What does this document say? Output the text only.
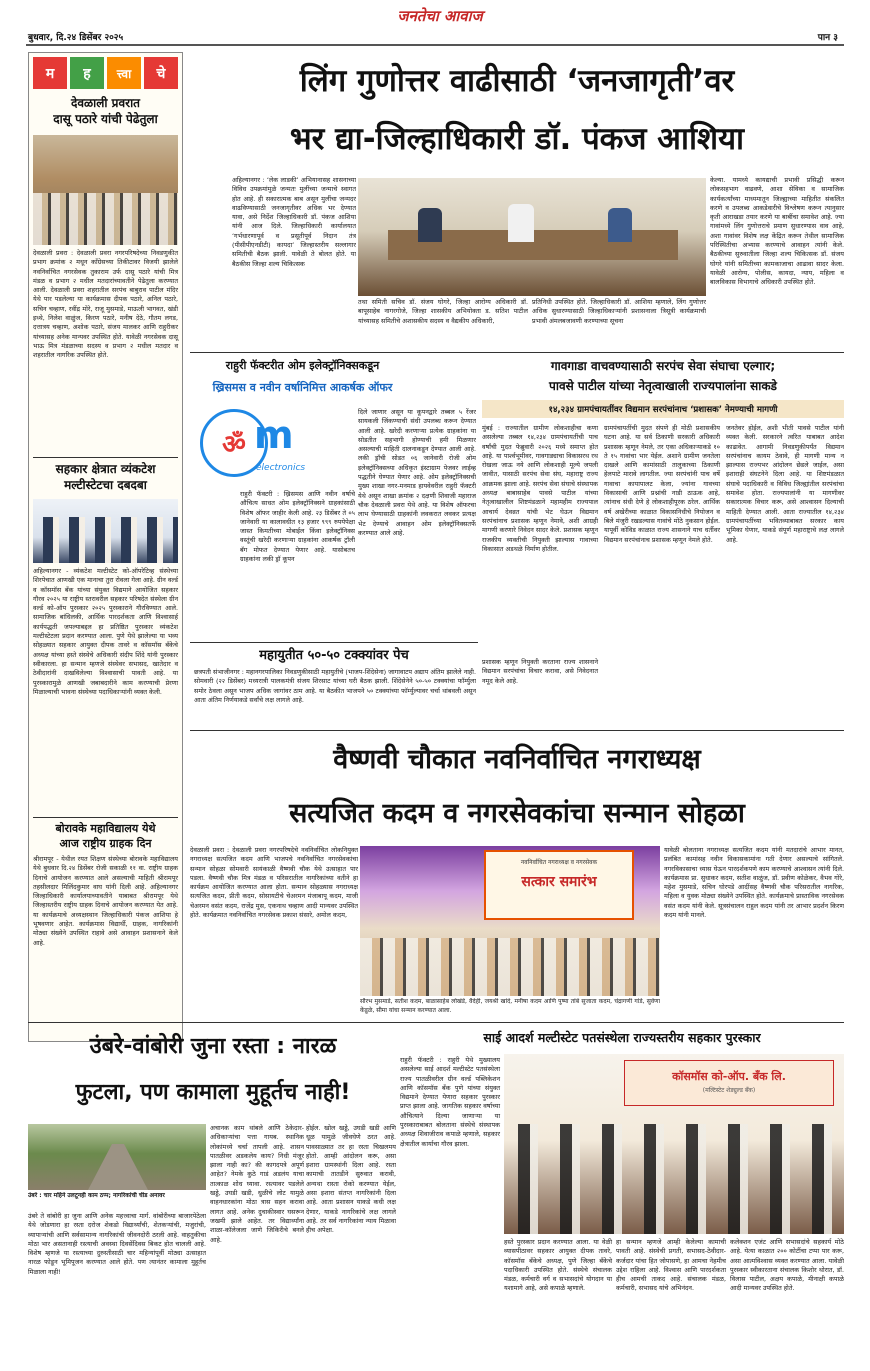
बुधवार, दि.२४ डिसेंबर २०२५
जनतेचा आवाज
पान ३
म ह त्त्वा चे
देवळाली प्रवरात
दासू पठारे यांची पेढेतुला
देवळाली प्रवरा : देवळाली प्रवरा नगरपरिषदेच्या निवडणुकीत प्रभाग क्रमांक २ मधून काँग्रेसच्या तिकीटावर विजयी झालेले नवनिर्वाचित नगरसेवक तुकाराम उर्फ दासू पठारे यांची मित्र मंडळ व प्रभाग २ मधील मतदारांच्यावतीने पेढेतुला करण्यात आली. देवळाली प्रवरा शहरातील सरपंच बाबुराव पाटील मंदिर येथे पार पडलेल्या या कार्यक्रमास दीपक पठारे, अनिल पठारे, सचिन चव्हाण, रवींद्र मोरे, राजू मुसमाडे, माऊली भागवत, खंडी इथ्थे, निलेश वाळुंज, किरण पठारे, मनीष देठे, गौतम लगड, दत्तात्रय चव्हाण, अशोक पठारे, संजय मालकर आणि राहुरीकर यांच्यासह अनेक मान्यवर उपस्थित होते. यावेळी नगरसेवक दासू भाऊ मित्र मंडळाच्या सदस्य व प्रभाग २ मधील मतदार व शहरातील नागरिक उपस्थित होते.
सहकार क्षेत्रात व्यंकटेश
मल्टीस्टेटचा दबदबा
अहिल्यानगर - व्यंकटेश मल्टीस्टेट को-ऑपरेटिव्ह संस्थेच्या शिरपेचात आणखी एक मानाचा तुरा रोवला गेला आहे. ग्रीन वर्ल्ड व कॉसमॉस बँक यांच्या संयुक्त विद्यमाने आयोजित सहकार गौरव २०२५ या राष्ट्रीय स्तरावरील सहकार परिषदेत संस्थेला ग्रीन वर्ल्ड को-ऑप पुरस्कार २०२५ पुरस्काराने गौरविण्यात आले. सामाजिक बांधिलकी, आर्थिक पारदर्शकता आणि विश्वासार्ह कार्यपद्धती जपल्याबद्दल हा प्रतिष्ठित पुरस्कार व्यंकटेश मल्टीस्टेटला प्रदान करण्यात आला. पुणे येथे झालेल्या या भव्य सोहळ्यात सहकार आयुक्त दीपक तावरे व कॉसमॉस बँकेचे अध्यक्ष यांच्या हस्ते संस्थेचे अधिकारी संदीप शिंदे यांनी पुरस्कार स्वीकारला. हा सन्मान म्हणजे संस्थेवर सभासद, खातेदार व ठेवीदारांनी दाखविलेल्या विश्वासाची पावती आहे. या पुरस्कारामुळे आणखी जबाबदारीने काम करण्याची प्रेरणा मिळाल्याची भावना संस्थेच्या पदाधिकाऱ्यांनी व्यक्त केली.
बोरावके महाविद्यालय येथे
आज राष्ट्रीय ग्राहक दिन
श्रीरामपूर - येथील रयत शिक्षण संस्थेच्या बोरावके महाविद्यालय येथे बुधवार दि.२४ डिसेंबर रोजी सकाळी ११ वा. राष्ट्रीय ग्राहक दिनाचे आयोजन करण्यात आले असल्याची माहिती श्रीरामपूर तहसीलदार मिलिंदकुमार वाघ यांनी दिली आहे. अहिल्यानगर जिल्हाधिकारी कार्यालयाच्यावतीने याबाबत श्रीरामपूर येथे जिल्हास्तरीय राष्ट्रीय ग्राहक दिनाचे आयोजन करण्यात येत आहे. या कार्यक्रमाचे अध्यक्षस्थान जिल्हाधिकारी पंकज आशिया हे भूषवणार आहेत. कार्यक्रमास विद्यार्थी, ग्राहक, नागरिकांनी मोठ्या संख्येने उपस्थित राहावे असे आवाहन प्रशासनाने केले आहे.
लिंग गुणोत्तर वाढीसाठी ‘जनजागृती’वर
भर द्या-जिल्हाधिकारी डॉ. पंकज आशिया
अहिल्यानगर : ‘लेक लाडकी’ अभियानासह शासनाच्या विविध उपक्रमांमुळे जन्मतः मुलींच्या जन्माचे स्वागत होत आहे. ही सकारात्मक बाब असून मुलींचा जन्मदर वाढविण्यासाठी जनजागृतीवर अधिक भर देण्यात यावा, असे निर्देश जिल्हाधिकारी डॉ. पंकज आशिया यांनी आज दिले. जिल्हाधिकारी कार्यालयात ‘गर्भधारणापूर्व व प्रसूतीपूर्व निदान तंत्र (पीसीपीएनडीटी) कायदा’ जिल्हास्तरीय सल्लागार समितीची बैठक झाली. यावेळी ते बोलत होते. या बैठकीस जिल्हा शल्य चिकित्सक
केल्या. यामध्ये कायद्याची प्रभावी प्रसिद्धी करून लोकसहभाग वाढवणे, आशा सेविका व सामाजिक कार्यकर्त्यांच्या माध्यमातून जिल्ह्याच्या माहितीत संकलित करणे व उपलब्ध आकडेवारीचे विश्लेषण करून त्यानुसार कृती आराखडा तयार करणे या बाबींचा समावेश आहे. ज्या गावांमध्ये लिंग गुणोत्तराचे प्रमाण सुधारण्यास वाव आहे, अशा गावांवर विशेष लक्ष केंद्रित करून तेथील सामाजिक परिस्थितीचा अभ्यास करण्याचे आवाहन त्यांनी केले. बैठकीच्या सुरुवातीला जिल्हा शल्य चिकित्सक डॉ. संजय घोगरे यांनी समितीच्या कामकाजाचा आढावा सादर केला. यावेळी आरोग्य, पोलीस, कायदा, न्याय, महिला व बालविकास विभागाचे अधिकारी उपस्थित होते.
तथा समिती सचिव डॉ. संजय घोगरे, जिल्हा आरोग्य अधिकारी डॉ. बापूसाहेब नागरगोजे, जिल्हा शासकीय अभियोक्ता ड. सतिश पाटील यांच्यासह समितीचे अशासकीय सदस्य व वैद्यकीय अधिकारी,
प्रतिनिधी उपस्थित होते. जिल्हाधिकारी डॉ. आशिया म्हणाले, लिंग गुणोत्तर अधिक सुधारण्यासाठी जिल्हाधिकाऱ्यांनी प्रशासनाला त्रिसूत्री कार्यक्रमाची प्रभावी अंमलबजावणी करण्याच्या सूचना
राहुरी फॅक्टरीत ओम इलेक्ट्रॉनिक्सकडून
ख्रिसमस व नवीन वर्षानिमित्त आकर्षक ऑफर
ॐ m
electronics
राहुरी फॅक्टरी : ख्रिसमस आणि नवीन वर्षाचे औचित्य साधत ओम इलेक्ट्रॉनिक्सने ग्राहकांसाठी विशेष ऑफर जाहीर केली आहे. २३ डिसेंबर ते ०५ जानेवारी या कालावधीत १३ हजार ९९९ रुपयेपेक्षा जास्त किमतीच्या मोबाईल किंवा इलेक्ट्रॉनिक्स वस्तूंची खरेदी करणाऱ्या ग्राहकांना आकर्षक ट्रॉली बॅग मोफत देण्यात येणार आहे. यासोबतच ग्राहकांना लकी ड्रॉ कूपन
दिले जाणार असून या कूपनद्वारे तब्बल ५ रेंजर सायकली जिंकण्याची संधी उपलब्ध करून देण्यात आली आहे. खरेदी करणाऱ्या प्रत्येक ग्राहकांना या सोडतीत सहभागी होण्याची हमी मिळणार असल्याची माहिती दालनाकडून देण्यात आली आहे. लकी ड्रॉची सोडत ०६ जानेवारी रोजी ओम इलेक्ट्रॉनिक्सच्या अधिकृत इंस्टाग्राम पेजवर लाईव्ह पद्धतीने घेण्यात येणार आहे. ओम इलेक्ट्रॉनिक्सची मुख्य शाखा नगर-मनमाड हायवेवरील राहुरी फॅक्टरी येथे असून शाखा क्रमांक २ दक्षणी शिवाजी महाराज चौक देवळाली प्रवरा येथे आहे. या विशेष ऑफरचा लाभ घेण्यासाठी ग्राहकांनी लवकरात लवकर प्रत्यक्ष भेट देण्याचे आवाहन ओम इलेक्ट्रॉनिक्सतर्फे करण्यात आले आहे.
महायुतीत ५०-५० टक्क्यांवर पेच
छत्रपती संभाजीनगर : महानगरपालिका निवडणुकीसाठी महायुतीचे (भाजप-शिंदेसेना) जागावाटप अद्याप अंतिम झालेले नाही. सोमवारी (२२ डिसेंबर) मध्यरात्री पालकमंत्री संजय शिरसाट यांच्या घरी बैठक झाली. शिंदेसेनेने ५०-५० टक्क्यांचा फॉर्म्युला समोर ठेवला असून भाजप अधिक जागांवर ठाम आहे. या बैठकीत भाजपने ५० टक्क्यांच्या फॉर्म्युल्यावर चर्चा थांबवली असून आता अंतिम निर्णयाकडे सर्वांचे लक्ष लागले आहे.
गावगाडा वाचवण्यासाठी सरपंच सेवा संघाचा एल्गार;
पावसे पाटील यांच्या नेतृत्वाखाली राज्यपालांना साकडे
१४,२३४ ग्रामपंचायतींवर विद्यमान सरपंचांनाच ‘प्रशासक’ नेमण्याची मागणी
मुंबई : राज्यातील ग्रामीण लोकशाहीचा कणा असलेल्या तब्बल १४,२३४ ग्रामपंचायतींची पाच वर्षांची मुदत फेब्रुवारी २०२६ मध्ये समाप्त होत आहे. या पार्श्वभूमीवर, गावगाड्याचा विकासरथ रथ रोखला जाऊ नये आणि लोकशाही मूल्ये जपली जावीत, यासाठी सरपंच सेवा संघ, महाराष्ट्र राज्य आक्रमक झाला आहे. सरपंच सेवा संघाचे संस्थापक अध्यक्ष बाबासाहेब पावसे पाटील यांच्या नेतृत्वाखालील शिष्टमंडळाने महामहीम राज्यपाल आचार्य देवव्रत यांची भेट घेऊन विद्यमान सरपंचांनाच प्रशासक म्हणून नेमावे, अशी आग्रही मागणी करणारे निवेदन सादर केले. प्रशासक म्हणून राजकीय व्यक्तीची नियुक्ती झाल्यास गावाच्या विकासात अडथळे निर्माण होतील.
प्रशासक म्हणून नियुक्ती करताना राज्य शासनाने विद्यमान सरपंचांचा विचार करावा, असे निवेदनात नमूद केले आहे.
ग्रामपंचायतींची मुदत संपणे ही मोठी प्रशासकीय घटना आहे. या सर्व ठिकाणी सरकारी अधिकारी प्रशासक म्हणून नेमले, तर एका अधिकाऱ्याकडे १० ते १५ गावांचा भार येईल. अशाने ग्रामीण जनतेला दाखले आणि कामांसाठी तालुकाच्या ठिकाणी हेलपाटे मारावे लागतील. ज्या सरपंचांनी पाच वर्षे गावाचा कायापालट केला, ज्यांना गावच्या विकासाची आणि प्रश्नांची नाडी ठाऊक आहे, त्यांनाच संधी देणे हे लोकशाहीपूरक ठरेल. आर्थिक वर्ष अखेरीच्या काळात विकासनिधीचे नियोजन व बिले मंजुरी रखडल्यास गावांचे मोठे नुकसान होईल. यापूर्वी कोविड काळात राज्य शासनाने याच धर्तीवर विद्यमान सरपंचांनाच प्रशासक म्हणून नेमले होते.
जनतेवर होईल, अशी भीती पावसे पाटील यांनी व्यक्त केली. सरकारने त्वरित याबाबत आदेश काढावेत. आगामी निवडणुकीपर्यंत विद्यमान सरपंचांनाच कायम ठेवावे, ही मागणी मान्य न झाल्यास राज्यभर आंदोलन छेडले जाईल, असा इशाराही संघटनेने दिला आहे. या शिष्टमंडळात संघाचे पदाधिकारी व विविध जिल्ह्यांतील सरपंचांचा समावेश होता. राज्यपालांनी या मागणीवर सकारात्मक विचार करू, असे आश्वासन दिल्याची माहिती देण्यात आली. आता राज्यातील १४,२३४ ग्रामपंचायतींच्या भवितव्याबाबत सरकार काय भूमिका घेणार, याकडे संपूर्ण महाराष्ट्राचे लक्ष लागले आहे.
वैष्णवी चौकात नवनिर्वाचित नगराध्यक्ष
सत्यजित कदम व नगरसेवकांचा सन्मान सोहळा
देवळाली प्रवरा : देवळाली प्रवरा नगरपरिषदेचे नवनिर्वाचित लोकनियुक्त नगराध्यक्ष सत्यजित कदम आणि भाजपचे नवनिर्वाचित नगरसेवकांचा सन्मान सोहळा सोमवारी सायंकाळी वैष्णवी चौक येथे उत्साहात पार पडला. वैष्णवी चौक मित्र मंडळ व परिसरातील नागरिकांच्या वतीने हा कार्यक्रम आयोजित करण्यात आला होता. सन्मान सोहळ्यास नगराध्यक्ष सत्यजित कदम, प्रीती कदम, सोसायटीचे चेअरमन मंजाबापू कदम, माजी चेअरमन वसंत कदम, राजेंद्र मुस, एकनाथ चव्हाण आदी मान्यवर उपस्थित होते. कार्यक्रमात नवनिर्वाचित नगरसेवक प्रकाश संसारे, अमोल कदम,
नवनिर्वाचित नगराध्यक्ष व नगरसेवक
सत्कार समारंभ
सौरभ मुसमाडे, सतीश कदम, बाळासाहेब लोखंडे, वैदेही, जयश्री खांदे, मनीषा कदम आणि पुष्पा तांबे सुजाता कदम, चंद्रागणी गांडे, सुर्वणा केंडूळे, सीमा यांचा सन्मान करण्यात आला.
यावेळी बोलताना नगराध्यक्ष सत्यजित कदम यांनी मतदारांचे आभार मानत, प्रलंबित कामांसह नवीन विकासकामांना गती देणार असल्याचे सांगितले. नगरविकासाचा ध्यास घेऊन पारदर्शकपणे काम करण्याचे आश्वासन त्यांनी दिले. कार्यक्रमास प्रा. सुधाकर कदम, सतीश वाळुंज, डॉ. प्रवीण कोळेकर, वैभव गोरे, महेश मुसमाडे, सचिन घोरपडे आदींसह वैष्णवी चौक परिसरातील नागरिक, महिला व युवक मोठ्या संख्येने उपस्थित होते. कार्यक्रमाचे प्रास्ताविक नगरसेवक वसंत कदम यांनी केले. सूत्रसंचालन राहुल कदम यांनी तर आभार प्रदर्शन किरण कदम यांनी मानले.
उंबरे-वांबोरी जुना रस्ता : नारळ
फुटला, पण कामाला मुहूर्तच नाही!
उंबरे : चार महिने उलटूनही काम ठप्प; नागरिकांची चीड अनावर
उंबरे ते वांबोरी हा जुना आणि अनेक महत्त्वाचा मार्ग. वांबोरीच्या बाजारपेठेला येथे जोडणारा हा रस्ता दरोज शेकडो विद्यार्थ्यांची, शेतकऱ्यांची, मजुरांची, व्यापाऱ्यांची आणि सर्वसामान्य नागरिकांची जीवनदोरी ठरली आहे. वाहतुकीचा मोठा भार असतानाही रस्त्याची अवस्था दिवसेंदिवस बिकट होत चालली आहे. विशेष म्हणजे या रस्त्याच्या दुरुस्तीसाठी चार महिन्यांपूर्वी मोठ्या उत्साहात नारळ फोडून भूमिपूजन करण्यात आले होते. पण त्यानंतर कामाला मुहूर्तच मिळाला नाही!
अचानक काम थांबले आणि ठेकेदार-अधिकाऱ्यांचा पत्ता गायब. स्थानिक लोकांमध्ये चर्चा तापली आहे. शासन पातळीवर अडकलेय काय? निधी मंजूर झाला नाही का? की कागदपत्रे अपूर्ण आहेत? नेमके कुठे गाडं अडलंय याचा तात्काळ शोध घ्यावा. रस्त्यावर पडलेले खड्डे, उघडी खडी, धुळीचे लोट यामुळे वाहनधारकांना मोठा त्रास सहन करावा लागत आहे. अनेक दुचाकीस्वार घसरून जखमी झाले आहेत. तर विद्यार्थ्यांना शाळा-कॉलेजला जाणे जिकिरीचे बनले आहे.
होईल. खोल खड्डे, उघडी खडी आणि धूळ यामुळे जीवघेणे ठरत आहे. पावसाळ्यात तर हा रस्ता चिखलमय होतो. आम्ही आंदोलन करू, असा इशारा ग्रामस्थांनी दिला आहे. रस्ता कामाची तातडीने सुरुवात करावी, अन्यथा रास्ता रोको करण्यात येईल, असा इशारा संतप्त नागरिकांनी दिला आहे. आता प्रशासन याकडे कधी लक्ष देणार, याकडे नागरिकांचे लक्ष लागले आहे. तर सर्व नागरिकांना न्याय मिळावा हीच अपेक्षा.
साई आदर्श मल्टीस्टेट पतसंस्थेला राज्यस्तरीय सहकार पुरस्कार
राहुरी फॅक्टरी : राहुरी येथे मुख्यालय असलेल्या साई आदर्श मल्टीस्टेट पतसंस्थेला राज्य पातळीवरील ग्रीन वर्ल्ड पब्लिकेशन आणि कॉसमॉस बँक पुणे यांच्या संयुक्त विद्यमाने देण्यात येणारा सहकार पुरस्कार प्राप्त झाला आहे. जागतिक सहकार वर्षाच्या औचित्याने दिल्या जाणाऱ्या या पुरस्काराबाबत बोलताना संस्थेचे संस्थापक अध्यक्ष शिवाजीराव कपाळे म्हणाले, सहकार क्षेत्रातील कार्याचा गौरव झाला.
कॉसमॉस को-ऑप. बँक लि.
(मल्टिस्टेट शेड्युल्ड बँक)
हस्ते पुरस्कार प्रदान करण्यात आला. या वेळी व्यासपीठावर सहकार आयुक्त दीपक तावरे, कॉसमॉस बँकेचे अध्यक्ष, पुणे जिल्हा बँकेचे पदाधिकारी उपस्थित होते. संस्थेचे संचालक मंडळ, कर्मचारी वर्ग व सभासदांचे योगदान या यशामागे आहे, असे कपाळे म्हणाले.
हा सन्मान म्हणजे आम्ही केलेल्या कामाची पावती आहे. संस्थेची प्रगती, सभासद-ठेवीदार-कर्जदार यांचा हित जोपासणे, हा आमचा नेहमीच उद्देश राहिला आहे. विश्वास आणि पारदर्शकता हीच आमची ताकद आहे. संचालक मंडळ, कर्मचारी, सभासद यांचे अभिनंदन.
कलेक्शन एजंट आणि सभासदांचे सहकार्य मोठे आहे. येत्या काळात २०० कोटींचा टप्पा पार करू, असा आत्मविश्वास व्यक्त करण्यात आला. यावेळी पुरस्कार स्वीकारताना संचालक किशोर थोरात, डॉ. विलास पाटील, अक्षय कपाळे, मीनाक्षी कपाळे आदी मान्यवर उपस्थित होते.
